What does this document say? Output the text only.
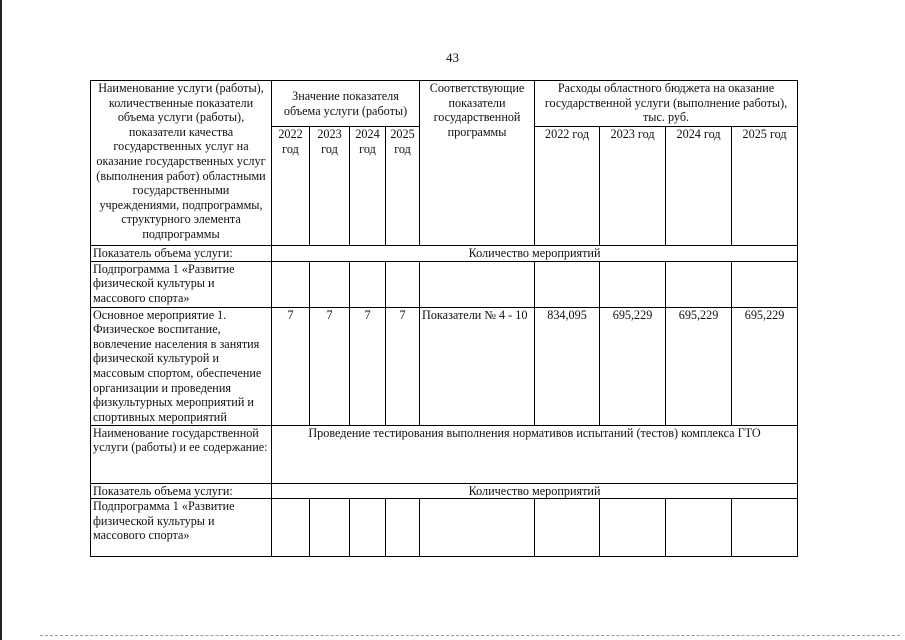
43
Наименование услуги (работы), количественные показатели объема услуги (работы), показатели качества государственных услуг на оказание государственных услуг (выполнения работ) областными государственными учреждениями, подпрограммы, структурного элемента подпрограммы	Значение показателя объема услуги (работы)				Соответствующие показатели государственной программы	Расходы областного бюджета на оказание государственной услуги (выполнение работы), тыс. руб.			
	2022 год	2023 год	2024 год	2025 год		2022 год	2023 год	2024 год	2025 год
Показатель объема услуги:	Количество мероприятий								
Подпрограмма 1 «Развитие физической культуры и массового спорта»									
Основное мероприятие 1. Физическое воспитание, вовлечение населения в занятия физической культурой и массовым спортом, обеспечение организации и проведения физкультурных мероприятий и спортивных мероприятий	7	7	7	7	Показатели № 4 - 10	834,095	695,229	695,229	695,229
Наименование государственной услуги (работы) и ее содержание:	Проведение тестирования выполнения нормативов испытаний (тестов) комплекса ГТО								
Показатель объема услуги:	Количество мероприятий								
Подпрограмма 1 «Развитие физической культуры и массового спорта»									
